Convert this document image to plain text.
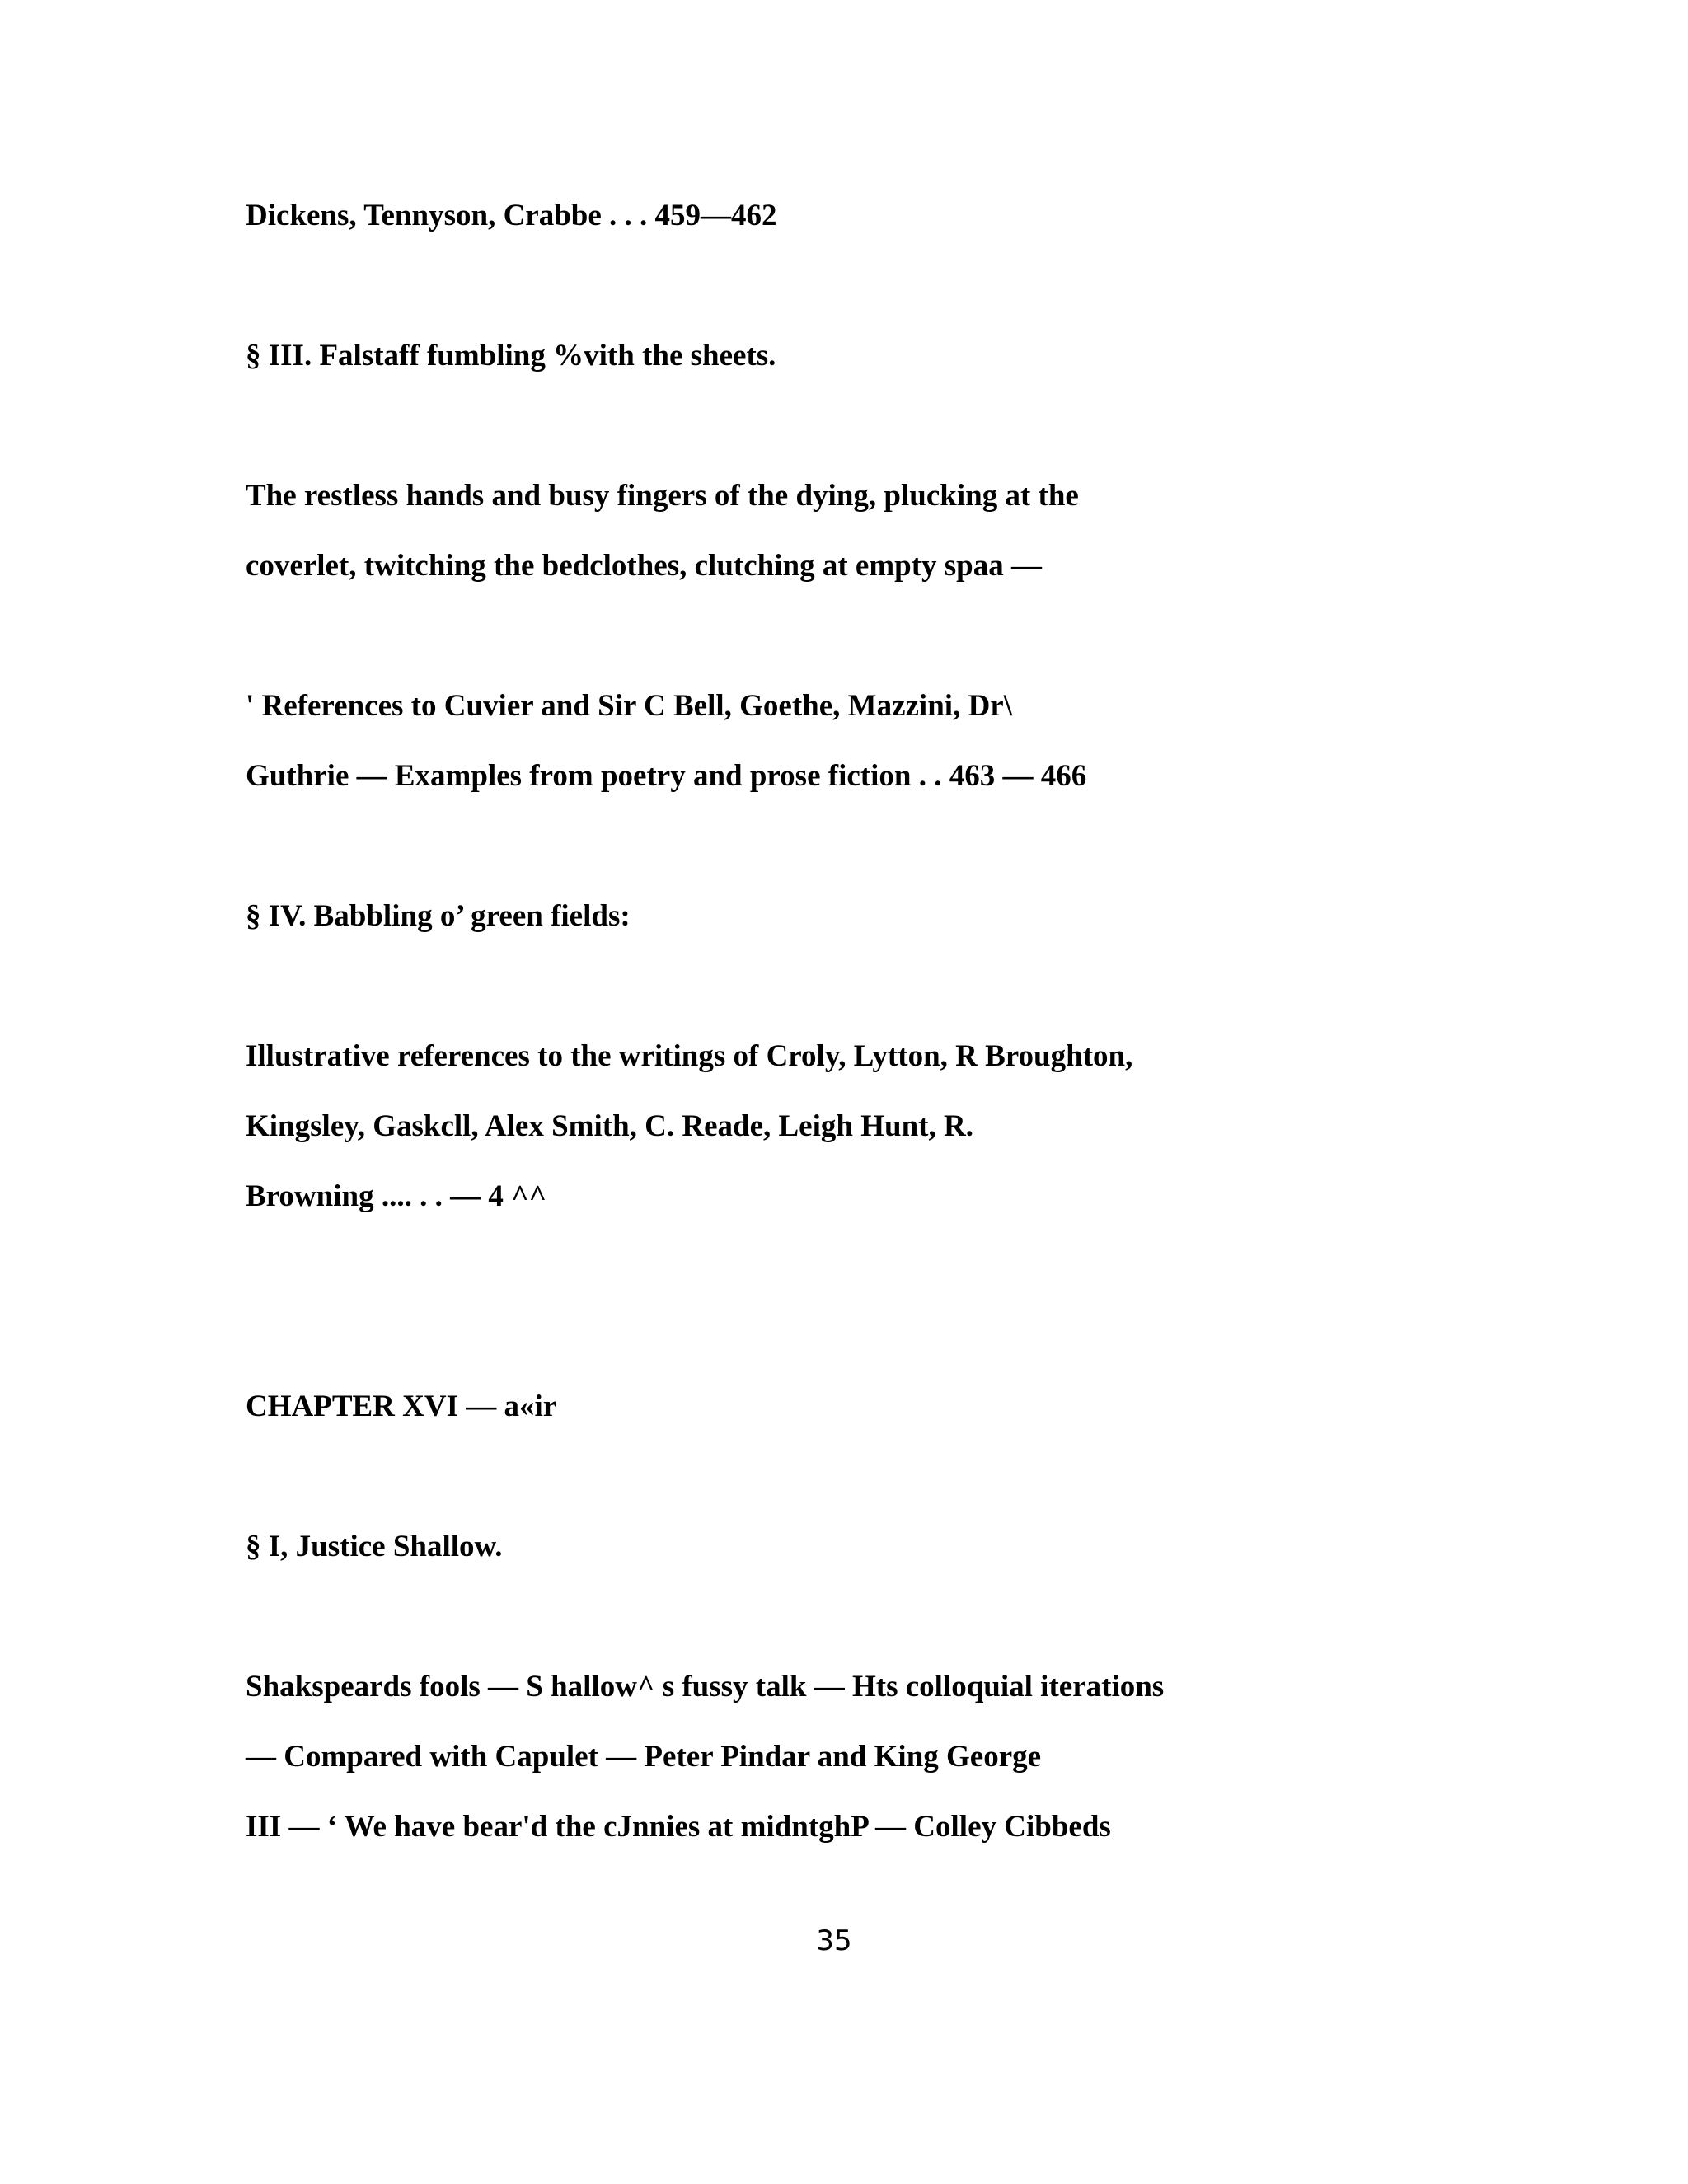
Dickens, Tennyson, Crabbe . . . 459—462

§ III. Falstaff fumbling %vith the sheets.

The restless hands and busy fingers of the dying, plucking at the

coverlet, twitching the bedclothes, clutching at empty spaa —

' References to Cuvier and Sir C Bell, Goethe, Mazzini, Dr\

Guthrie — Examples from poetry and prose fiction . . 463 — 466

§ IV. Babbling o’ green fields:

Illustrative references to the writings of Croly, Lytton, R Broughton,

Kingsley, Gaskcll, Alex Smith, C. Reade, Leigh Hunt, R.

Browning .... . . — 4 ^^

CHAPTER XVI — a«ir

§ I, Justice Shallow.

Shakspeards fools — S hallow^ s fussy talk — Hts colloquial iterations

— Compared with Capulet — Peter Pindar and King George

III — ‘ We have bear'd the cJnnies at midntghP — Colley Cibbeds

35
